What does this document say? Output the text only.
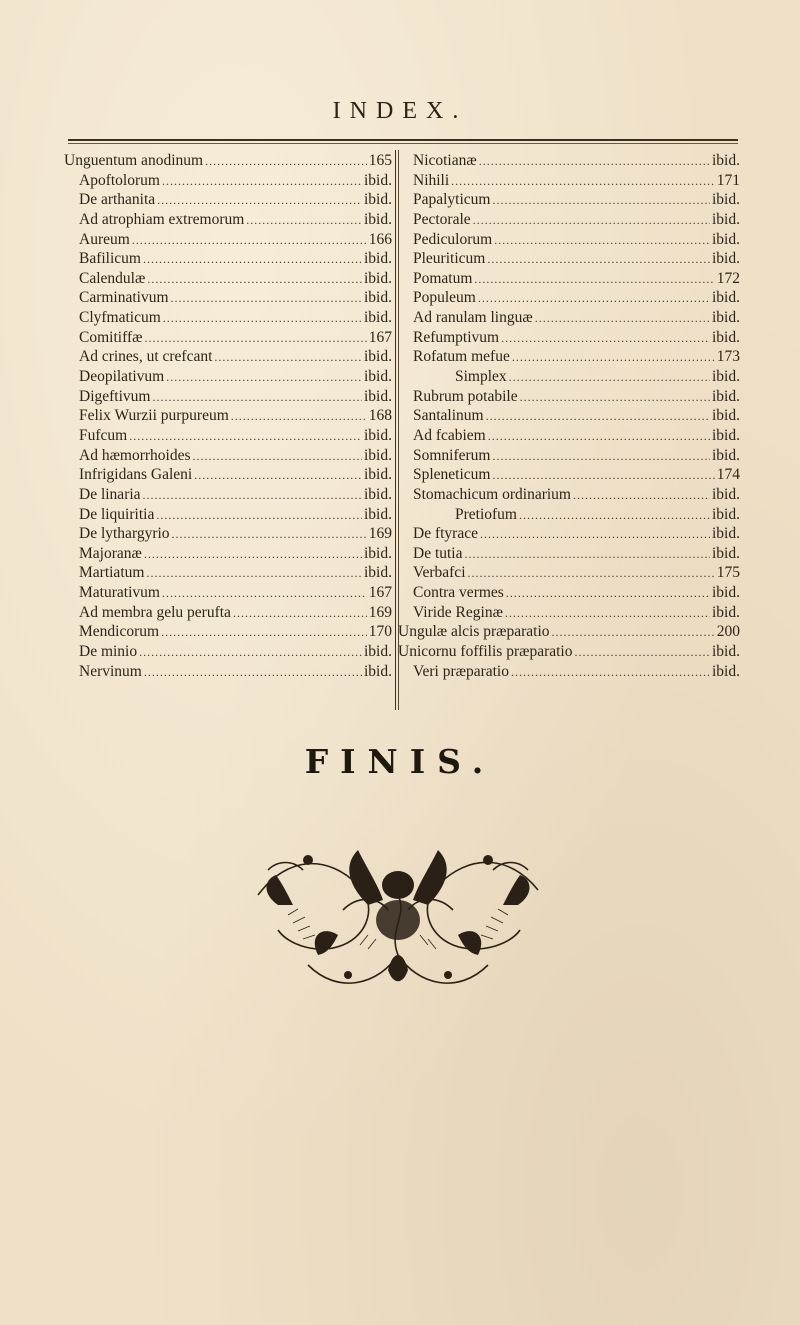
INDEX.
Unguentum anodinum .....	165
Apoftolorum .....	ibid.
De arthanita .....	ibid.
Ad atrophiam extremorum .....	ibid.
Aureum .....	166
Bafilicum .....	ibid.
Calendulæ .....	ibid.
Carminativum .....	ibid.
Clyfmaticum .....	ibid.
Comitiffæ .....	167
Ad crines, ut crefcant .....	ibid.
Deopilativum .....	ibid.
Digeftivum .....	ibid.
Felix Wurzii purpureum .....	168
Fufcum .....	ibid.
Ad hæmorrhoides .....	ibid.
Infrigidans Galeni .....	ibid.
De linaria .....	ibid.
De liquiritia .....	ibid.
De lythargyrio .....	169
Majoranæ .....	ibid.
Martiatum .....	ibid.
Maturativum .....	167
Ad membra gelu perufta .....	169
Mendicorum .....	170
De minio .....	ibid.
Nervinum .....	ibid.
Nicotianæ .....	ibid.
Nihili .....	171
Papalyticum .....	ibid.
Pectorale .....	ibid.
Pediculorum .....	ibid.
Pleuriticum .....	ibid.
Pomatum .....	172
Populeum .....	ibid.
Ad ranulam linguæ .....	ibid.
Refumptivum .....	ibid.
Rofatum mefue .....	173
Simplex .....	ibid.
Rubrum potabile .....	ibid.
Santalinum .....	ibid.
Ad fcabiem .....	ibid.
Somniferum .....	ibid.
Spleneticum .....	174
Stomachicum ordinarium .....	ibid.
Pretiofum .....	ibid.
De ftyrace .....	ibid.
De tutia .....	ibid.
Verbafci .....	175
Contra vermes .....	ibid.
Viride Reginæ .....	ibid.
Ungulæ alcis præparatio .....	200
Unicornu foffilis præparatio .....	ibid.
Veri præparatio .....	ibid.
FINIS.
